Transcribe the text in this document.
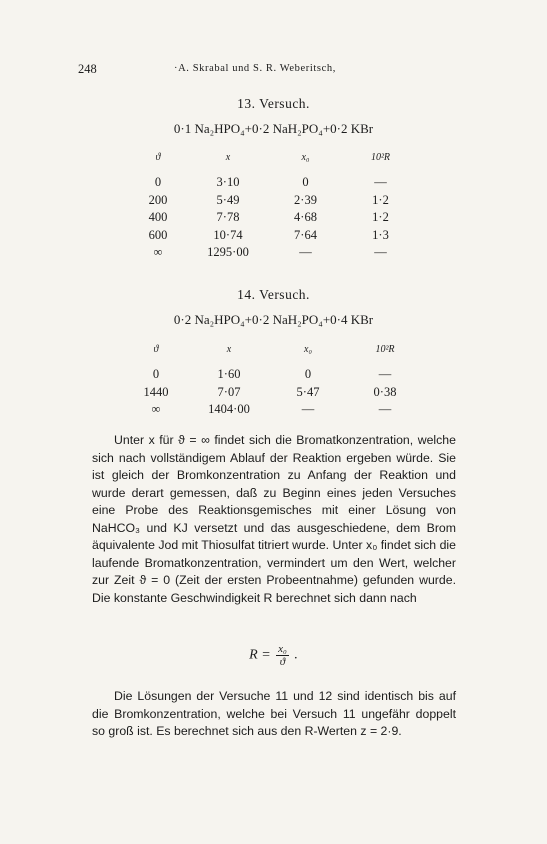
248	·A. Skrabal und S. R. Weberitsch,
13. Versuch.
0·1 Na₂HPO₄+0·2 NaH₂PO₄+0·2 KBr
ϑ	x	x₀	10²R
0	3·10	0	—
200	5·49	2·39	1·2
400	7·78	4·68	1·2
600	10·74	7·64	1·3
∞	1295·00	—	—
14. Versuch.
0·2 Na₂HPO₄+0·2 NaH₂PO₄+0·4 KBr
ϑ	x	x₀	10²R
0	1·60	0	—
1440	7·07	5·47	0·38
∞	1404·00	—	—

Unter x für ϑ = ∞ findet sich die Bromatkonzentration, welche sich nach vollständigem Ablauf der Reaktion ergeben würde. Sie ist gleich der Bromkonzentration zu Anfang der Reaktion und wurde derart gemessen, daß zu Beginn eines jeden Versuches eine Probe des Reaktionsgemisches mit einer Lösung von NaHCO₃ und KJ versetzt und das ausgeschiedene, dem Brom äquivalente Jod mit Thiosulfat titriert wurde. Unter x₀ findet sich die laufende Bromatkonzentration, vermindert um den Wert, welcher zur Zeit ϑ = 0 (Zeit der ersten Probeentnahme) gefunden wurde. Die konstante Geschwindigkeit R berechnet sich dann nach

$R = \frac{\text{x₀}}{ϑ}$ .

Die Lösungen der Versuche 11 und 12 sind identisch bis auf die Bromkonzentration, welche bei Versuch 11 ungefähr doppelt so groß ist. Es berechnet sich aus den R-Werten z = 2·9.
